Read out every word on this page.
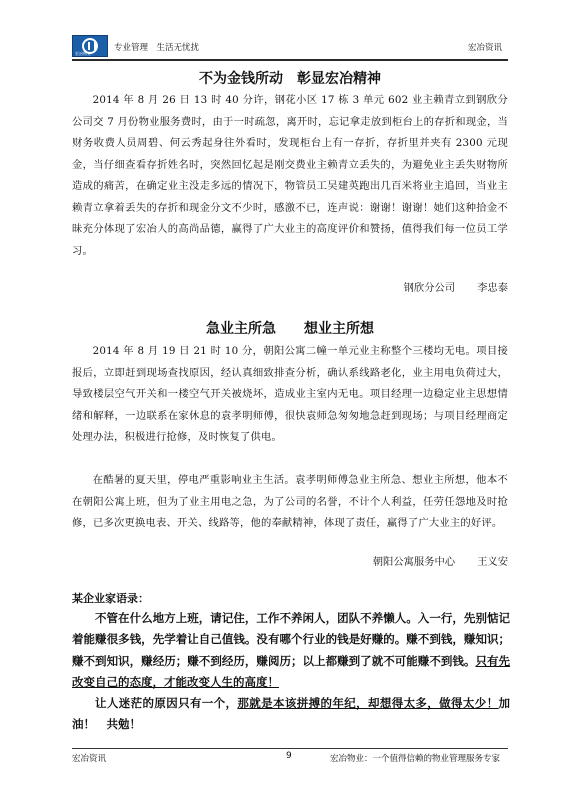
宏冶物业
专业管理　生活无忧扰	宏冶资讯
不为金钱所动　彰显宏冶精神
2014 年 8 月 26 日 13 时 40 分许，钢花小区 17 栋 3 单元 602 业主赖青立到钢欣分公司交 7 月份物业服务费时，由于一时疏忽，离开时，忘记拿走放到柜台上的存折和现金，当财务收费人员周碧、何云秀起身往外看时，发现柜台上有一存折，存折里并夹有 2300 元现金，当仔细查看存折姓名时，突然回忆起是刚交费业主赖青立丢失的，为避免业主丢失财物所造成的痛苦，在确定业主没走多远的情况下，物管员工吴建英跑出几百米将业主追回，当业主赖青立拿着丢失的存折和现金分文不少时，感激不已，连声说：谢谢！谢谢！她们这种拾金不昧充分体现了宏冶人的高尚品德，赢得了广大业主的高度评价和赞扬，值得我们每一位员工学习。
钢欣分公司 李忠泰
急业主所急　　想业主所想
2014 年 8 月 19 日 21 时 10 分，朝阳公寓二幢一单元业主称整个三楼均无电。项目接报后，立即赶到现场查找原因，经认真细致排查分析，确认系线路老化，业主用电负荷过大，导致楼层空气开关和一楼空气开关被烧坏，造成业主室内无电。项目经理一边稳定业主思想情绪和解释，一边联系在家休息的袁孝明师傅，很快袁师急匆匆地急赶到现场；与项目经理商定处理办法，积极进行抢修，及时恢复了供电。
在酷暑的夏天里，停电严重影响业主生活。袁孝明师傅急业主所急、想业主所想，他本不在朝阳公寓上班，但为了业主用电之急，为了公司的名誉，不计个人利益，任劳任怨地及时抢修，已多次更换电表、开关、线路等，他的奉献精神，体现了责任，赢得了广大业主的好评。
朝阳公寓服务中心 王义安
某企业家语录：
不管在什么地方上班，请记住，工作不养闲人，团队不养懒人。入一行，先别惦记着能赚很多钱，先学着让自己值钱。没有哪个行业的钱是好赚的。赚不到钱，赚知识；赚不到知识，赚经历；赚不到经历，赚阅历；以上都赚到了就不可能赚不到钱。只有先改变自己的态度，才能改变人生的高度！
让人迷茫的原因只有一个，那就是本该拼搏的年纪，却想得太多，做得太少！加油！　共勉！
宏冶资讯	9	宏冶物业：一个值得信赖的物业管理服务专家
